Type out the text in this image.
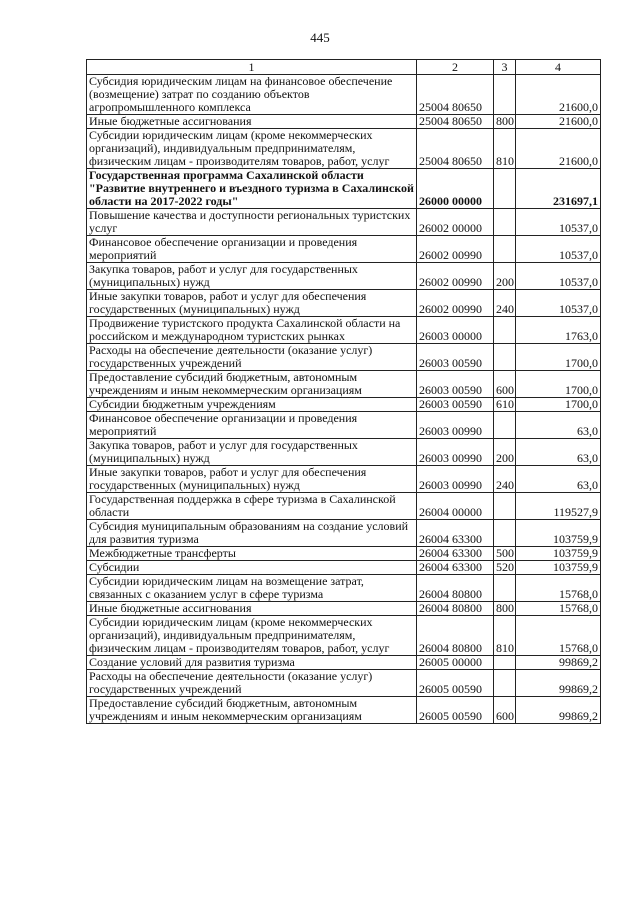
445
1	2	3	4
Субсидия юридическим лицам на финансовое обеспечение (возмещение) затрат по созданию объектов агропромышленного комплекса	25004 80650		21600,0
Иные бюджетные ассигнования	25004 80650	800	21600,0
Субсидии юридическим лицам (кроме некоммерческих организаций), индивидуальным предпринимателям, физическим лицам - производителям товаров, работ, услуг	25004 80650	810	21600,0
Государственная программа Сахалинской области "Развитие внутреннего и въездного туризма в Сахалинской области на 2017-2022 годы"	26000 00000		231697,1
Повышение качества и доступности региональных туристских услуг	26002 00000		10537,0
Финансовое обеспечение организации и проведения мероприятий	26002 00990		10537,0
Закупка товаров, работ и услуг для государственных (муниципальных) нужд	26002 00990	200	10537,0
Иные закупки товаров, работ и услуг для обеспечения государственных (муниципальных) нужд	26002 00990	240	10537,0
Продвижение туристского продукта Сахалинской области на российском и международном туристских рынках	26003 00000		1763,0
Расходы на обеспечение деятельности (оказание услуг) государственных учреждений	26003 00590		1700,0
Предоставление субсидий бюджетным, автономным учреждениям и иным некоммерческим организациям	26003 00590	600	1700,0
Субсидии бюджетным учреждениям	26003 00590	610	1700,0
Финансовое обеспечение организации и проведения мероприятий	26003 00990		63,0
Закупка товаров, работ и услуг для государственных (муниципальных) нужд	26003 00990	200	63,0
Иные закупки товаров, работ и услуг для обеспечения государственных (муниципальных) нужд	26003 00990	240	63,0
Государственная поддержка в сфере туризма в Сахалинской области	26004 00000		119527,9
Субсидия муниципальным образованиям на создание условий для развития туризма	26004 63300		103759,9
Межбюджетные трансферты	26004 63300	500	103759,9
Субсидии	26004 63300	520	103759,9
Субсидии юридическим лицам на возмещение затрат, связанных с оказанием услуг в сфере туризма	26004 80800		15768,0
Иные бюджетные ассигнования	26004 80800	800	15768,0
Субсидии юридическим лицам (кроме некоммерческих организаций), индивидуальным предпринимателям, физическим лицам - производителям товаров, работ, услуг	26004 80800	810	15768,0
Создание условий для развития туризма	26005 00000		99869,2
Расходы на обеспечение деятельности (оказание услуг) государственных учреждений	26005 00590		99869,2
Предоставление субсидий бюджетным, автономным учреждениям и иным некоммерческим организациям	26005 00590	600	99869,2
